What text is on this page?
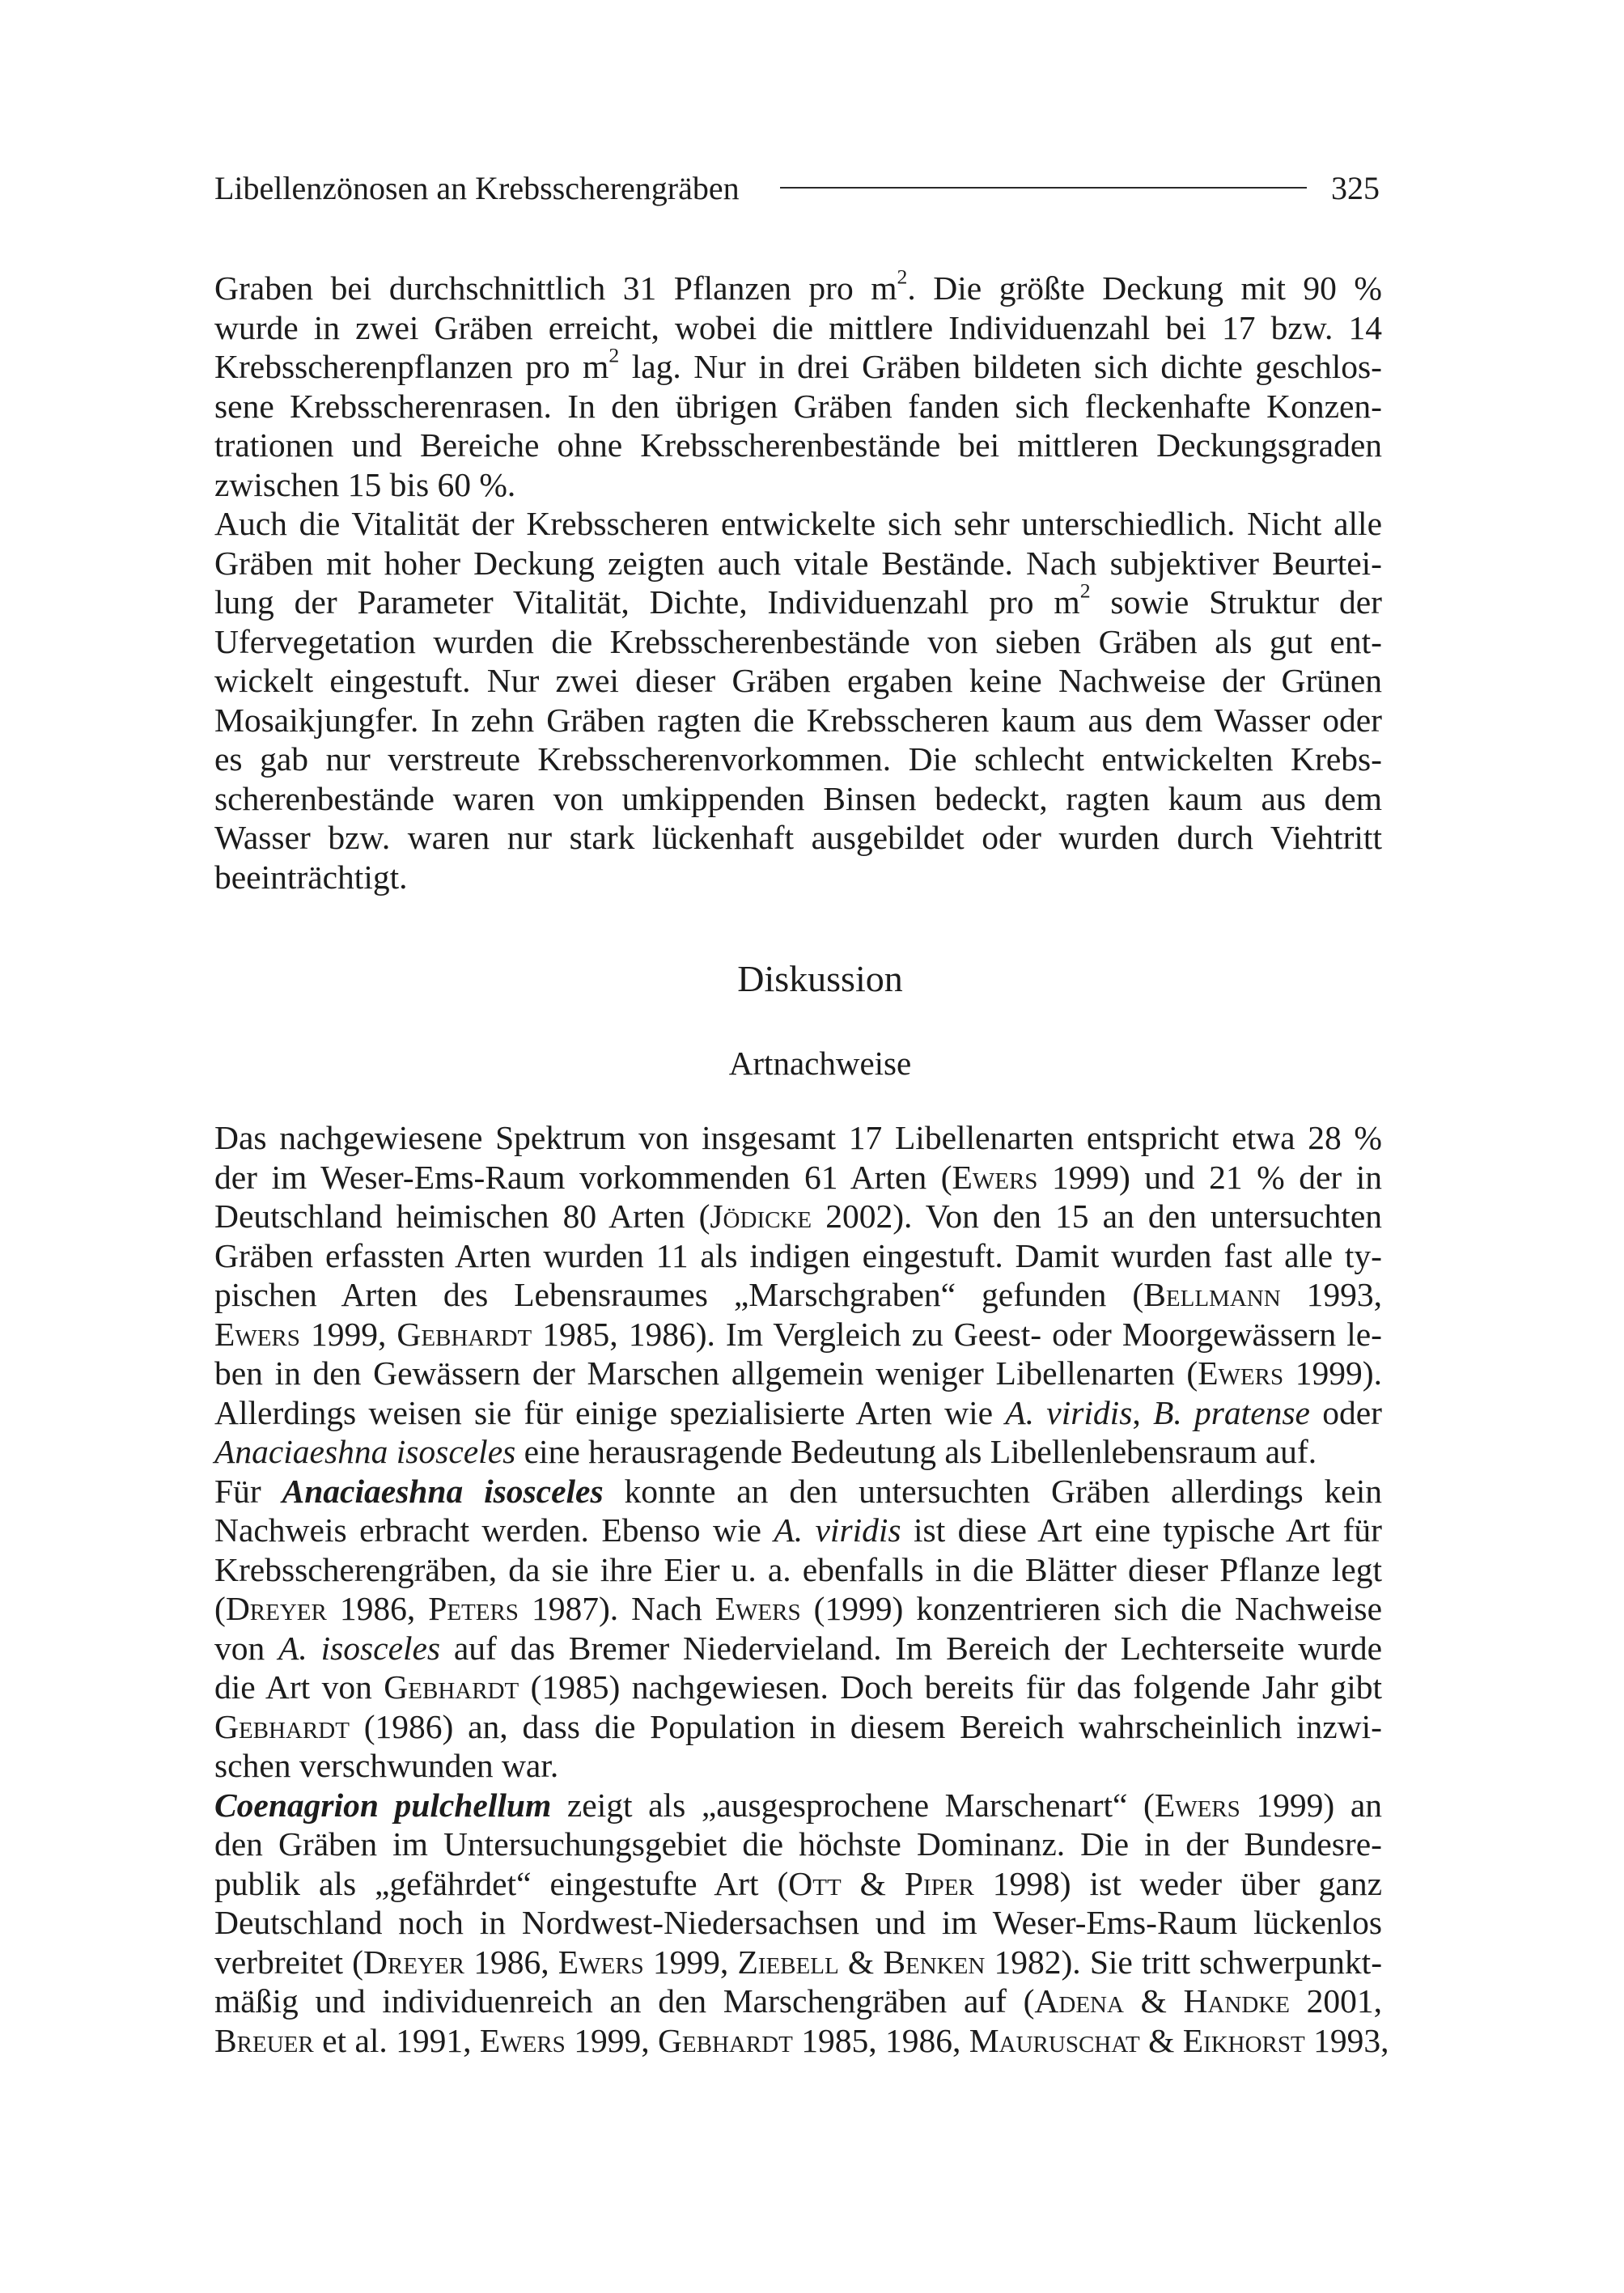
Libellenzönosen an Krebsscherengräben	325
Graben bei durchschnittlich 31 Pflanzen pro $m^2$. Die größte Deckung mit 90 %
wurde in zwei Gräben erreicht, wobei die mittlere Individuenzahl bei 17 bzw. 14
Krebsscherenpflanzen pro $m^2$ lag. Nur in drei Gräben bildeten sich dichte geschlos-
sene Krebsscherenrasen. In den übrigen Gräben fanden sich fleckenhafte Konzen-
trationen und Bereiche ohne Krebsscherenbestände bei mittleren Deckungsgraden
zwischen 15 bis 60 %.
Auch die Vitalität der Krebsscheren entwickelte sich sehr unterschiedlich. Nicht alle
Gräben mit hoher Deckung zeigten auch vitale Bestände. Nach subjektiver Beurtei-
lung der Parameter Vitalität, Dichte, Individuenzahl pro $m^2$ sowie Struktur der
Ufervegetation wurden die Krebsscherenbestände von sieben Gräben als gut ent-
wickelt eingestuft. Nur zwei dieser Gräben ergaben keine Nachweise der Grünen
Mosaikjungfer. In zehn Gräben ragten die Krebsscheren kaum aus dem Wasser oder
es gab nur verstreute Krebsscherenvorkommen. Die schlecht entwickelten Krebs-
scherenbestände waren von umkippenden Binsen bedeckt, ragten kaum aus dem
Wasser bzw. waren nur stark lückenhaft ausgebildet oder wurden durch Viehtritt
beeinträchtigt.
Diskussion
Artnachweise
Das nachgewiesene Spektrum von insgesamt 17 Libellenarten entspricht etwa 28 %
der im Weser-Ems-Raum vorkommenden 61 Arten (Ewers 1999) und 21 % der in
Deutschland heimischen 80 Arten (Jödicke 2002). Von den 15 an den untersuchten
Gräben erfassten Arten wurden 11 als indigen eingestuft. Damit wurden fast alle ty-
pischen Arten des Lebensraumes „Marschgraben“ gefunden (Bellmann 1993,
Ewers 1999, Gebhardt 1985, 1986). Im Vergleich zu Geest- oder Moorgewässern le-
ben in den Gewässern der Marschen allgemein weniger Libellenarten (Ewers 1999).
Allerdings weisen sie für einige spezialisierte Arten wie A. viridis, B. pratense oder
Anaciaeshna isosceles eine herausragende Bedeutung als Libellenlebensraum auf.
Für Anaciaeshna isosceles konnte an den untersuchten Gräben allerdings kein
Nachweis erbracht werden. Ebenso wie A. viridis ist diese Art eine typische Art für
Krebsscherengräben, da sie ihre Eier u. a. ebenfalls in die Blätter dieser Pflanze legt
(Dreyer 1986, Peters 1987). Nach Ewers (1999) konzentrieren sich die Nachweise
von A. isosceles auf das Bremer Niedervieland. Im Bereich der Lechterseite wurde
die Art von Gebhardt (1985) nachgewiesen. Doch bereits für das folgende Jahr gibt
Gebhardt (1986) an, dass die Population in diesem Bereich wahrscheinlich inzwi-
schen verschwunden war.
Coenagrion pulchellum zeigt als „ausgesprochene Marschenart“ (Ewers 1999) an
den Gräben im Untersuchungsgebiet die höchste Dominanz. Die in der Bundesre-
publik als „gefährdet“ eingestufte Art (Ott & Piper 1998) ist weder über ganz
Deutschland noch in Nordwest-Niedersachsen und im Weser-Ems-Raum lückenlos
verbreitet (Dreyer 1986, Ewers 1999, Ziebell & Benken 1982). Sie tritt schwerpunkt-
mäßig und individuenreich an den Marschengräben auf (Adena & Handke 2001,
Breuer et al. 1991, Ewers 1999, Gebhardt 1985, 1986, Mauruschat & Eikhorst 1993,
